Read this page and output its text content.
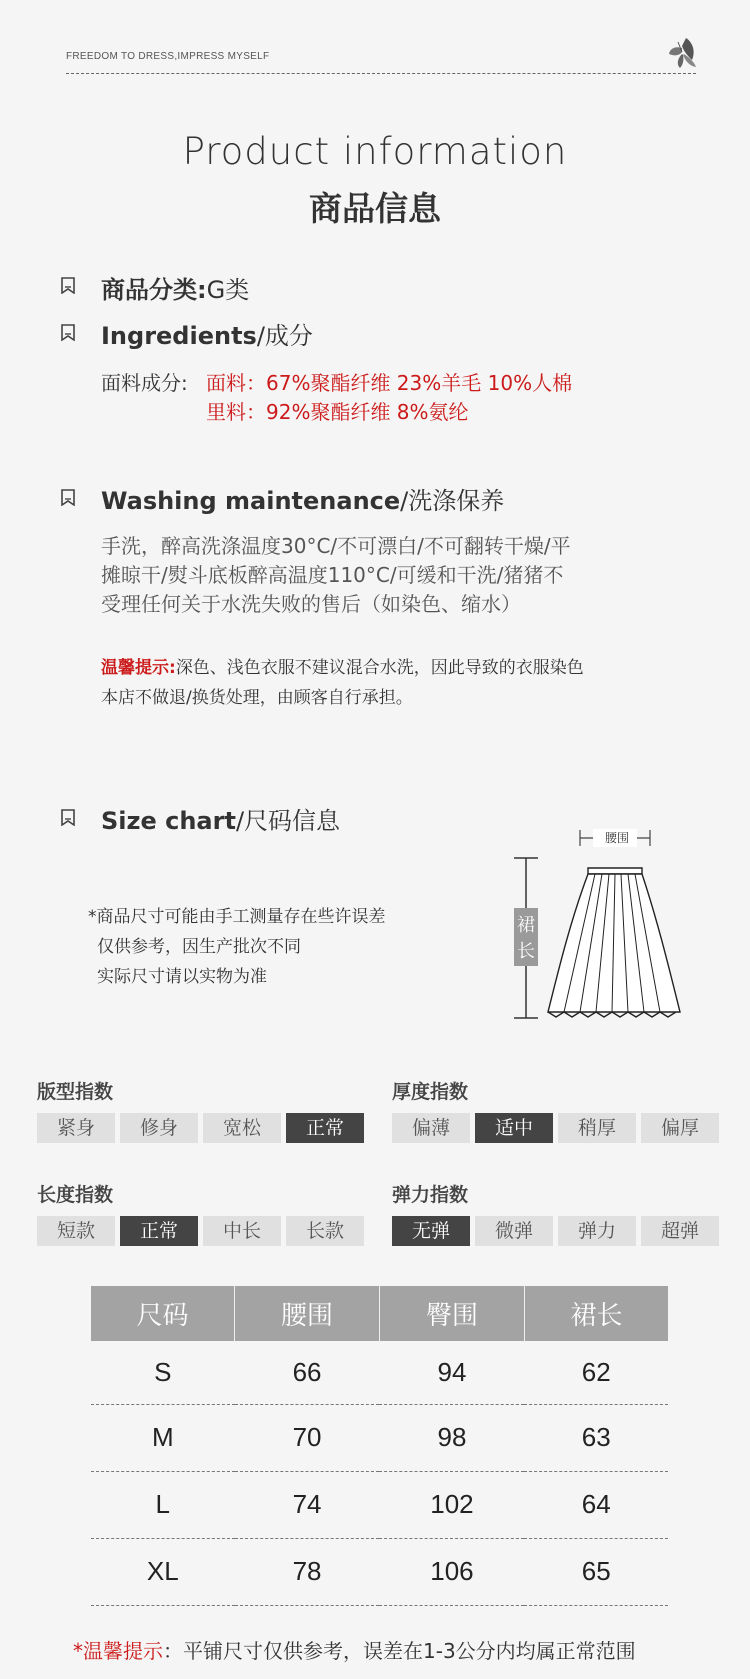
FREEDOM TO DRESS,IMPRESS MYSELF
Product information
商品信息
商品分类:G类
Ingredients/成分
面料成分: 面料：67%聚酯纤维 23%羊毛 10%人棉
里料：92%聚酯纤维 8%氨纶
Washing maintenance/洗涤保养
手洗，醉高洗涤温度30°C/不可漂白/不可翻转干燥/平
摊晾干/熨斗底板醉高温度110°C/可缓和干洗/猪猪不
受理任何关于水洗失败的售后（如染色、缩水）
温馨提示:深色、浅色衣服不建议混合水洗，因此导致的衣服染色
本店不做退/换货处理，由顾客自行承担。
Size chart/尺码信息
*商品尺寸可能由手工测量存在些许误差
仅供参考，因生产批次不同
实际尺寸请以实物为准
腰围
裙
长
版型指数
紧身	修身	宽松	正常
厚度指数
偏薄	适中	稍厚	偏厚
长度指数
短款	正常	中长	长款
弹力指数
无弹	微弹	弹力	超弹
尺码	腰围	臀围	裙长
S	66	94	62
M	70	98	63
L	74	102	64
XL	78	106	65
*温馨提示：平铺尺寸仅供参考，误差在1-3公分内均属正常范围
